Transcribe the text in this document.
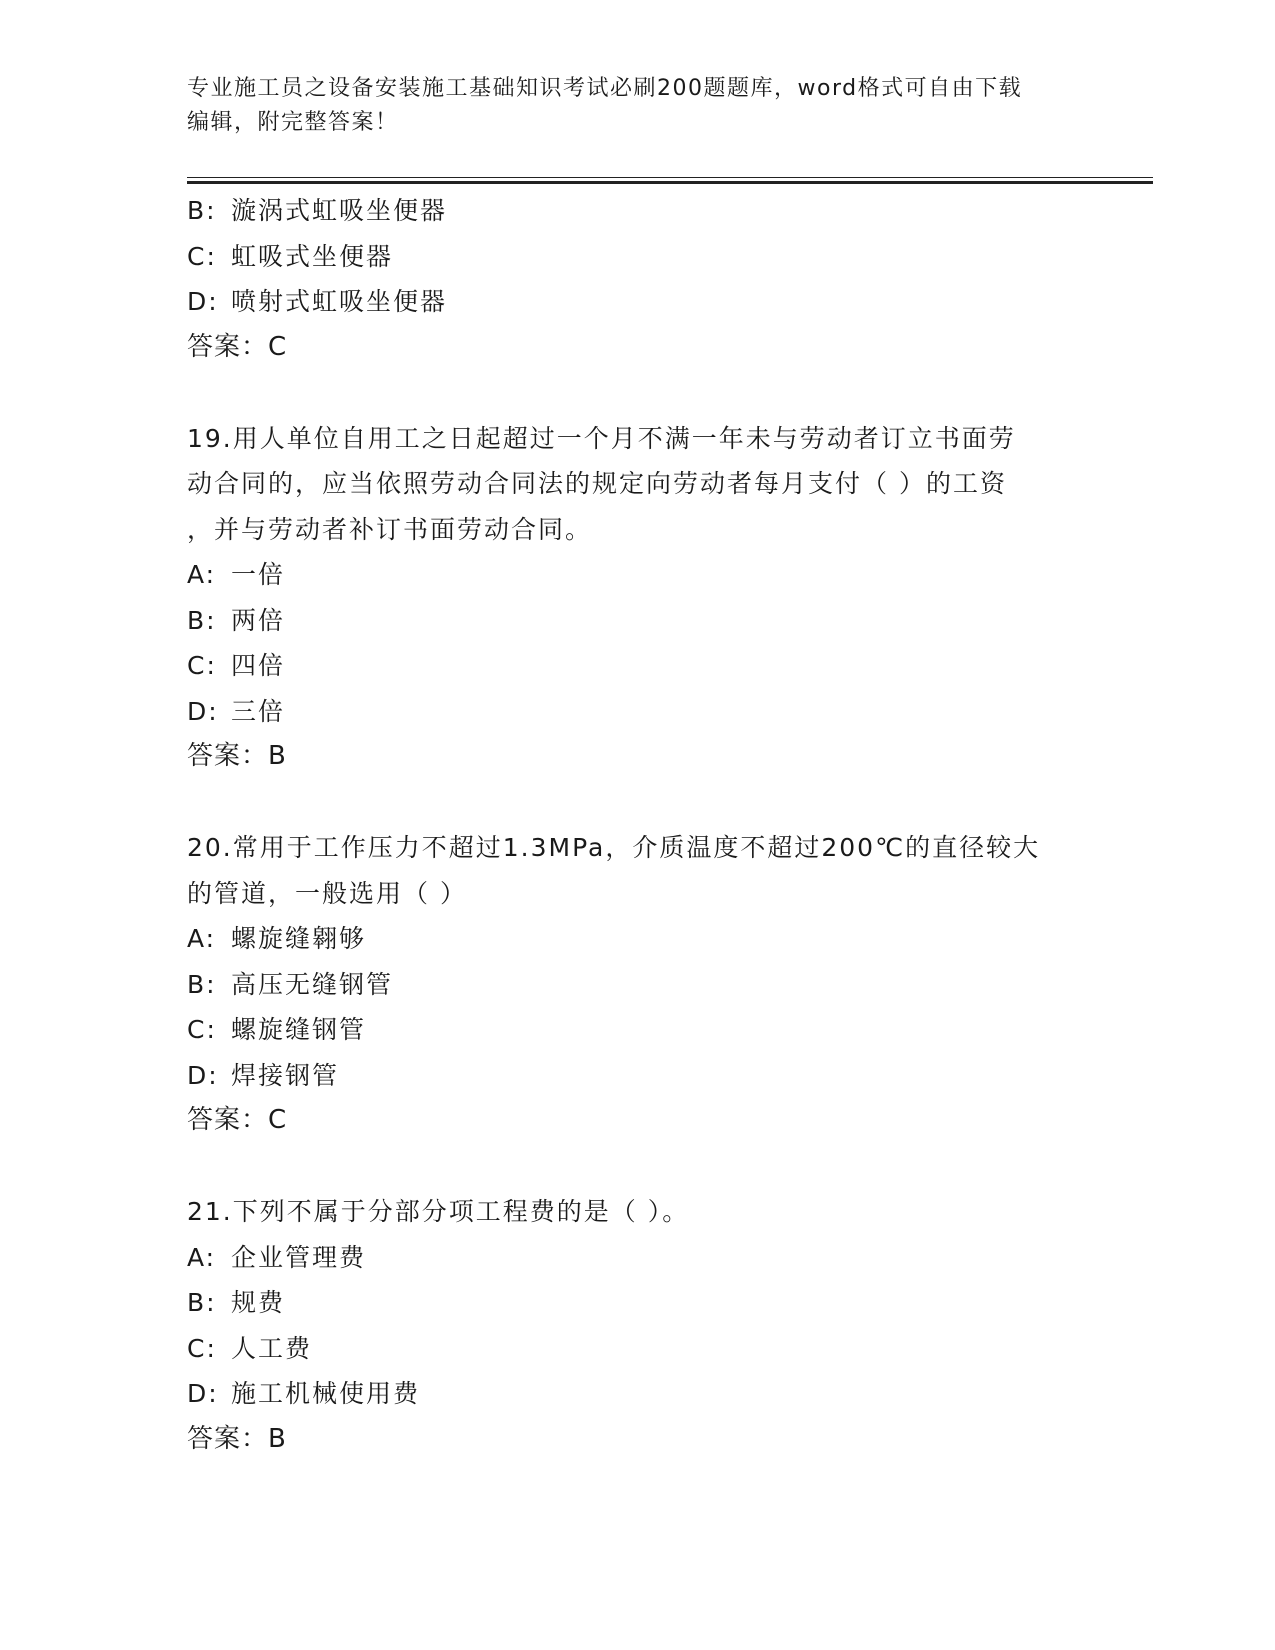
专业施工员之设备安装施工基础知识考试必刷200题题库，word格式可自由下载
编辑，附完整答案！
B: 漩涡式虹吸坐便器
C: 虹吸式坐便器
D: 喷射式虹吸坐便器
答案：C
19.用人单位自用工之日起超过一个月不满一年未与劳动者订立书面劳
动合同的，应当依照劳动合同法的规定向劳动者每月支付（ ）的工资
，并与劳动者补订书面劳动合同。
A: 一倍
B: 两倍
C: 四倍
D: 三倍
答案：B
20.常用于工作压力不超过1.3MPa，介质温度不超过200℃的直径较大
的管道，一般选用（ ）
A: 螺旋缝翱够
B: 高压无缝钢管
C: 螺旋缝钢管
D: 焊接钢管
答案：C
21.下列不属于分部分项工程费的是（ ）。
A: 企业管理费
B: 规费
C: 人工费
D: 施工机械使用费
答案：B
